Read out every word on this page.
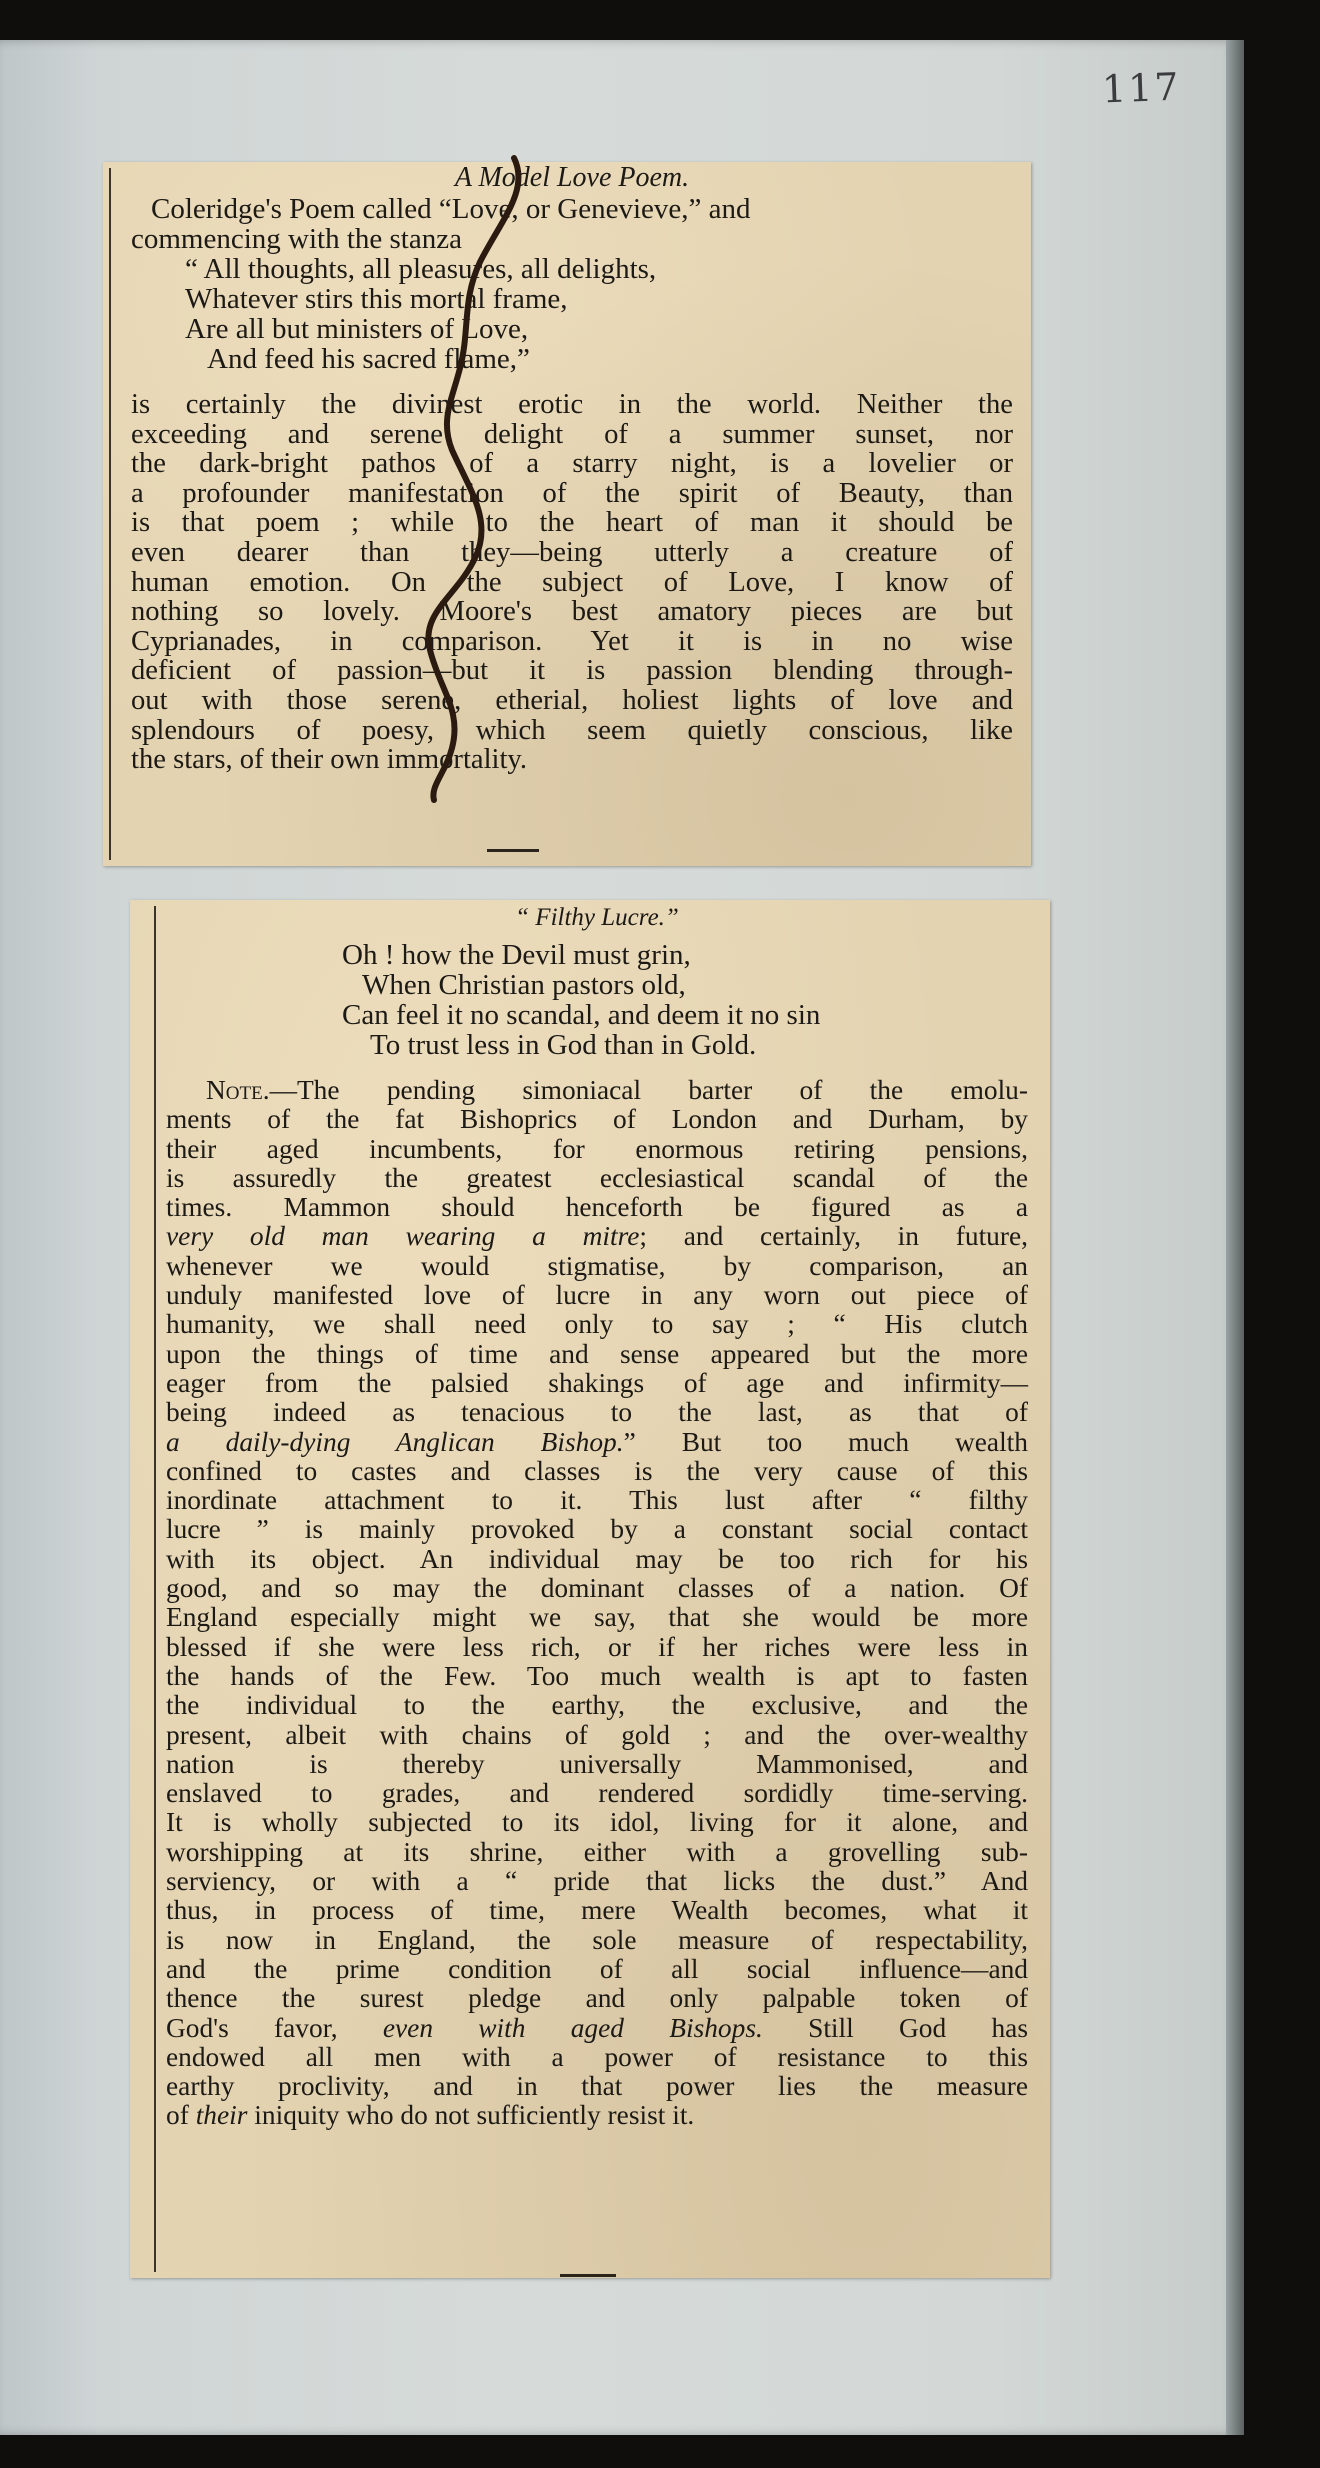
117

A Model Love Poem.

Coleridge's Poem called “Love, or Genevieve,” and

commencing with the stanza

“ All thoughts, all pleasures, all delights,

Whatever stirs this mortal frame,

Are all but ministers of Love,

And feed his sacred flame,”

is certainly the divinest erotic in the world. Neither the

exceeding and serene delight of a summer sunset, nor

the dark-bright pathos of a starry night, is a lovelier or

a profounder manifestation of the spirit of Beauty, than

is that poem ; while to the heart of man it should be

even dearer than they—being utterly a creature of

human emotion. On the subject of Love, I know of

nothing so lovely. Moore's best amatory pieces are but

Cyprianades, in comparison. Yet it is in no wise

deficient of passion—but it is passion blending through-

out with those serene, etherial, holiest lights of love and

splendours of poesy, which seem quietly conscious, like

the stars, of their own immortality.

“ Filthy Lucre.”

Oh ! how the Devil must grin,

When Christian pastors old,

Can feel it no scandal, and deem it no sin

To trust less in God than in Gold.

Note.—The pending simoniacal barter of the emolu-

ments of the fat Bishoprics of London and Durham, by

their aged incumbents, for enormous retiring pensions,

is assuredly the greatest ecclesiastical scandal of the

times. Mammon should henceforth be figured as a

very old man wearing a mitre; and certainly, in future,

whenever we would stigmatise, by comparison, an

unduly manifested love of lucre in any worn out piece of

humanity, we shall need only to say ; “ His clutch

upon the things of time and sense appeared but the more

eager from the palsied shakings of age and infirmity—

being indeed as tenacious to the last, as that of

a daily-dying Anglican Bishop.” But too much wealth

confined to castes and classes is the very cause of this

inordinate attachment to it. This lust after “ filthy

lucre ” is mainly provoked by a constant social contact

with its object. An individual may be too rich for his

good, and so may the dominant classes of a nation. Of

England especially might we say, that she would be more

blessed if she were less rich, or if her riches were less in

the hands of the Few. Too much wealth is apt to fasten

the individual to the earthy, the exclusive, and the

present, albeit with chains of gold ; and the over-wealthy

nation is thereby universally Mammonised, and

enslaved to grades, and rendered sordidly time-serving.

It is wholly subjected to its idol, living for it alone, and

worshipping at its shrine, either with a grovelling sub-

serviency, or with a “ pride that licks the dust.” And

thus, in process of time, mere Wealth becomes, what it

is now in England, the sole measure of respectability,

and the prime condition of all social influence—and

thence the surest pledge and only palpable token of

God's favor, even with aged Bishops. Still God has

endowed all men with a power of resistance to this

earthy proclivity, and in that power lies the measure

of their iniquity who do not sufficiently resist it.
